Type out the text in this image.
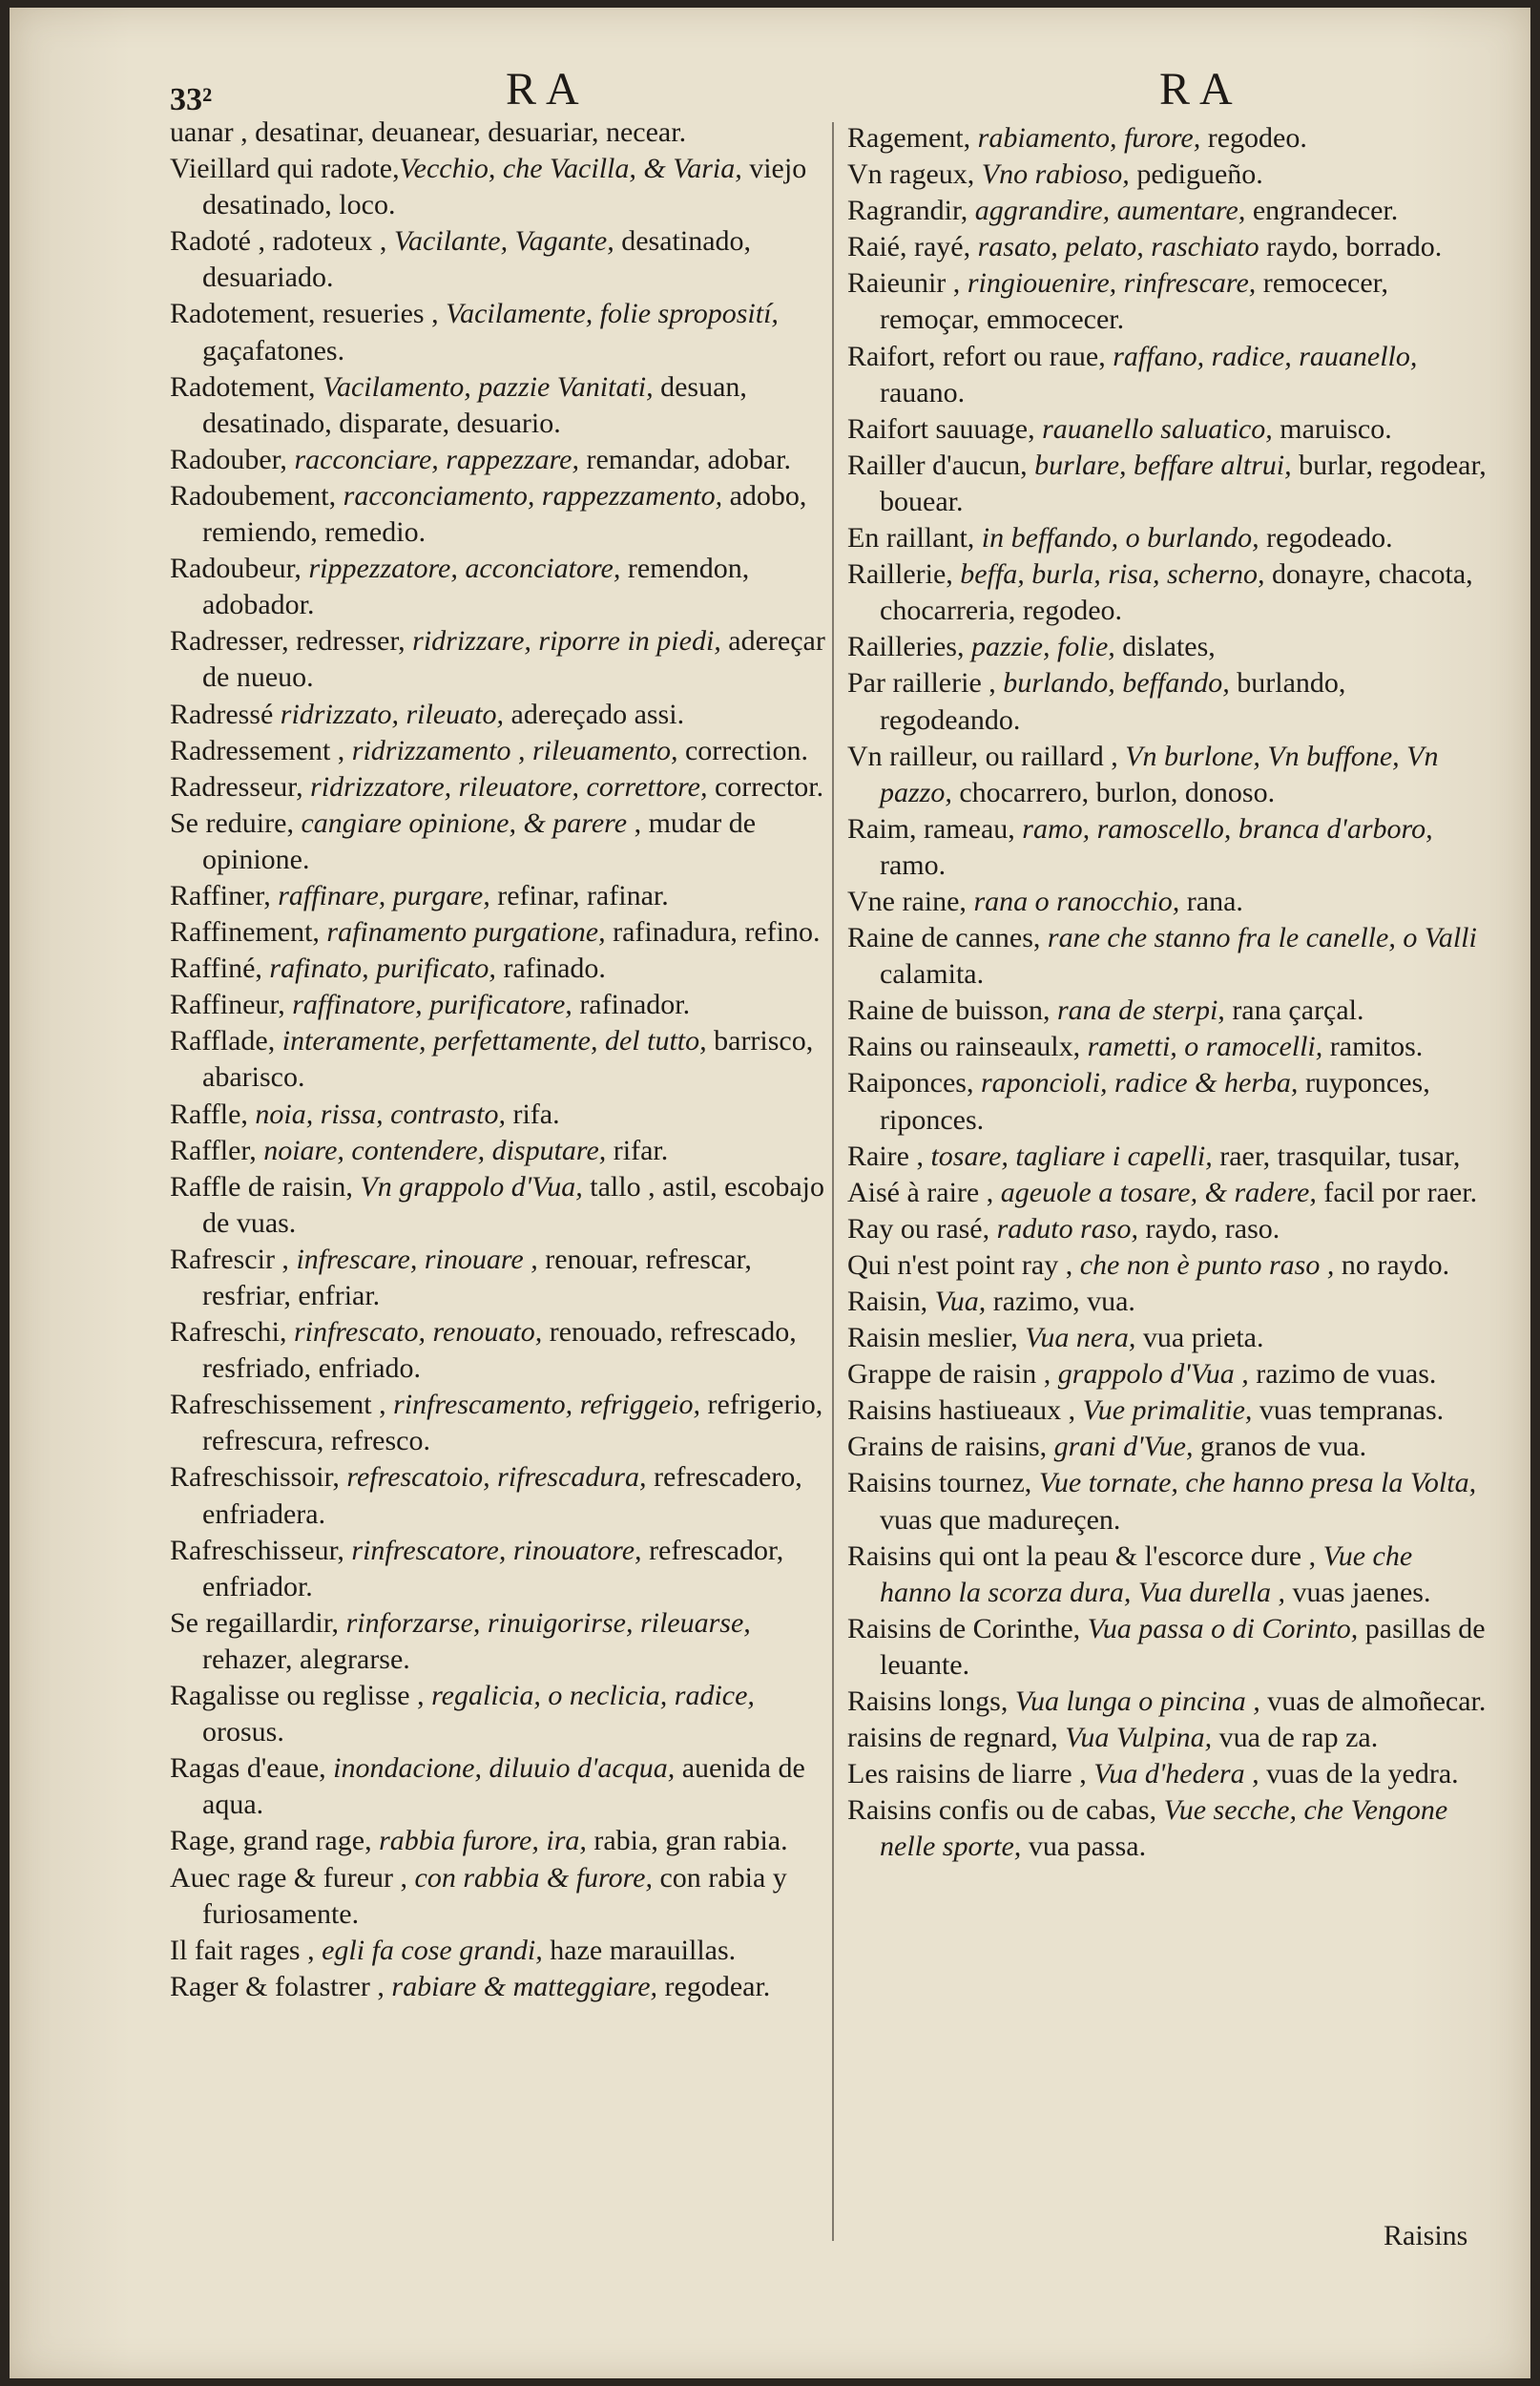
33²	RA	RA

uanar , desatinar, deuanear, desuariar, necear.

Vieillard qui radote,Vecchio, che Vacilla, & Varia, viejo desatinado, loco.

Radoté , radoteux , Vacilante, Vagante, desatinado, desuariado.

Radotement, resueries , Vacilamente, folie sproposití, gaçafatones.

Radotement, Vacilamento, pazzie Vanitati, desuan, desatinado, disparate, desuario.

Radouber, racconciare, rappezzare, remandar, adobar.

Radoubement, racconciamento, rappezzamento, adobo, remiendo, remedio.

Radoubeur, rippezzatore, acconciatore, remendon, adobador.

Radresser, redresser, ridrizzare, riporre in piedi, adereçar de nueuo.

Radressé ridrizzato, rileuato, adereçado assi.

Radressement , ridrizzamento , rileuamento, correction.

Radresseur, ridrizzatore, rileuatore, correttore, corrector.

Se reduire, cangiare opinione, & parere , mudar de opinione.

Raffiner, raffinare, purgare, refinar, rafinar.

Raffinement, rafinamento purgatione, rafinadura, refino.

Raffiné, rafinato, purificato, rafinado.

Raffineur, raffinatore, purificatore, rafinador.

Rafflade, interamente, perfettamente, del tutto, barrisco, abarisco.

Raffle, noia, rissa, contrasto, rifa.

Raffler, noiare, contendere, disputare, rifar.

Raffle de raisin, Vn grappolo d'Vua, tallo , astil, escobajo de vuas.

Rafrescir , infrescare, rinouare , renouar, refrescar, resfriar, enfriar.

Rafreschi, rinfrescato, renouato, renouado, refrescado, resfriado, enfriado.

Rafreschissement , rinfrescamento, refriggeio, refrigerio, refrescura, refresco.

Rafreschissoir, refrescatoio, rifrescadura, refrescadero, enfriadera.

Rafreschisseur, rinfrescatore, rinouatore, refrescador, enfriador.

Se regaillardir, rinforzarse, rinuigorirse, rileuarse, rehazer, alegrarse.

Ragalisse ou reglisse , regalicia, o neclicia, radice, orosus.

Ragas d'eaue, inondacione, diluuio d'acqua, auenida de aqua.

Rage, grand rage, rabbia furore, ira, rabia, gran rabia.

Auec rage & fureur , con rabbia & furore, con rabia y furiosamente.

Il fait rages , egli fa cose grandi, haze marauillas.

Rager & folastrer , rabiare & matteggiare, regodear.

Ragement, rabiamento, furore, regodeo.

Vn rageux, Vno rabioso, pedigueño.

Ragrandir, aggrandire, aumentare, engrandecer.

Raié, rayé, rasato, pelato, raschiato raydo, borrado.

Raieunir , ringiouenire, rinfrescare, remocecer, remoçar, emmocecer.

Raifort, refort ou raue, raffano, radice, rauanello, rauano.

Raifort sauuage, rauanello saluatico, maruisco.

Railler d'aucun, burlare, beffare altrui, burlar, regodear, bouear.

En raillant, in beffando, o burlando, regodeado.

Raillerie, beffa, burla, risa, scherno, donayre, chacota, chocarreria, regodeo.

Railleries, pazzie, folie, dislates,

Par raillerie , burlando, beffando, burlando, regodeando.

Vn railleur, ou raillard , Vn burlone, Vn buffone, Vn pazzo, chocarrero, burlon, donoso.

Raim, rameau, ramo, ramoscello, branca d'arboro, ramo.

Vne raine, rana o ranocchio, rana.

Raine de cannes, rane che stanno fra le canelle, o Valli calamita.

Raine de buisson, rana de sterpi, rana çarçal.

Rains ou rainseaulx, rametti, o ramocelli, ramitos.

Raiponces, raponcioli, radice & herba, ruyponces, riponces.

Raire , tosare, tagliare i capelli, raer, trasquilar, tusar,

Aisé à raire , ageuole a tosare, & radere, facil por raer.

Ray ou rasé, raduto raso, raydo, raso.

Qui n'est point ray , che non è punto raso , no raydo.

Raisin, Vua, razimo, vua.

Raisin meslier, Vua nera, vua prieta.

Grappe de raisin , grappolo d'Vua , razimo de vuas.

Raisins hastiueaux , Vue primalitie, vuas tempranas.

Grains de raisins, grani d'Vue, granos de vua.

Raisins tournez, Vue tornate, che hanno presa la Volta, vuas que madureçen.

Raisins qui ont la peau & l'escorce dure , Vue che hanno la scorza dura, Vua durella , vuas jaenes.

Raisins de Corinthe, Vua passa o di Corinto, pasillas de leuante.

Raisins longs, Vua lunga o pincina , vuas de almoñecar.

raisins de regnard, Vua Vulpina, vua de rap za.

Les raisins de liarre , Vua d'hedera , vuas de la yedra.

Raisins confis ou de cabas, Vue secche, che Vengone nelle sporte, vua passa.

Raisins
